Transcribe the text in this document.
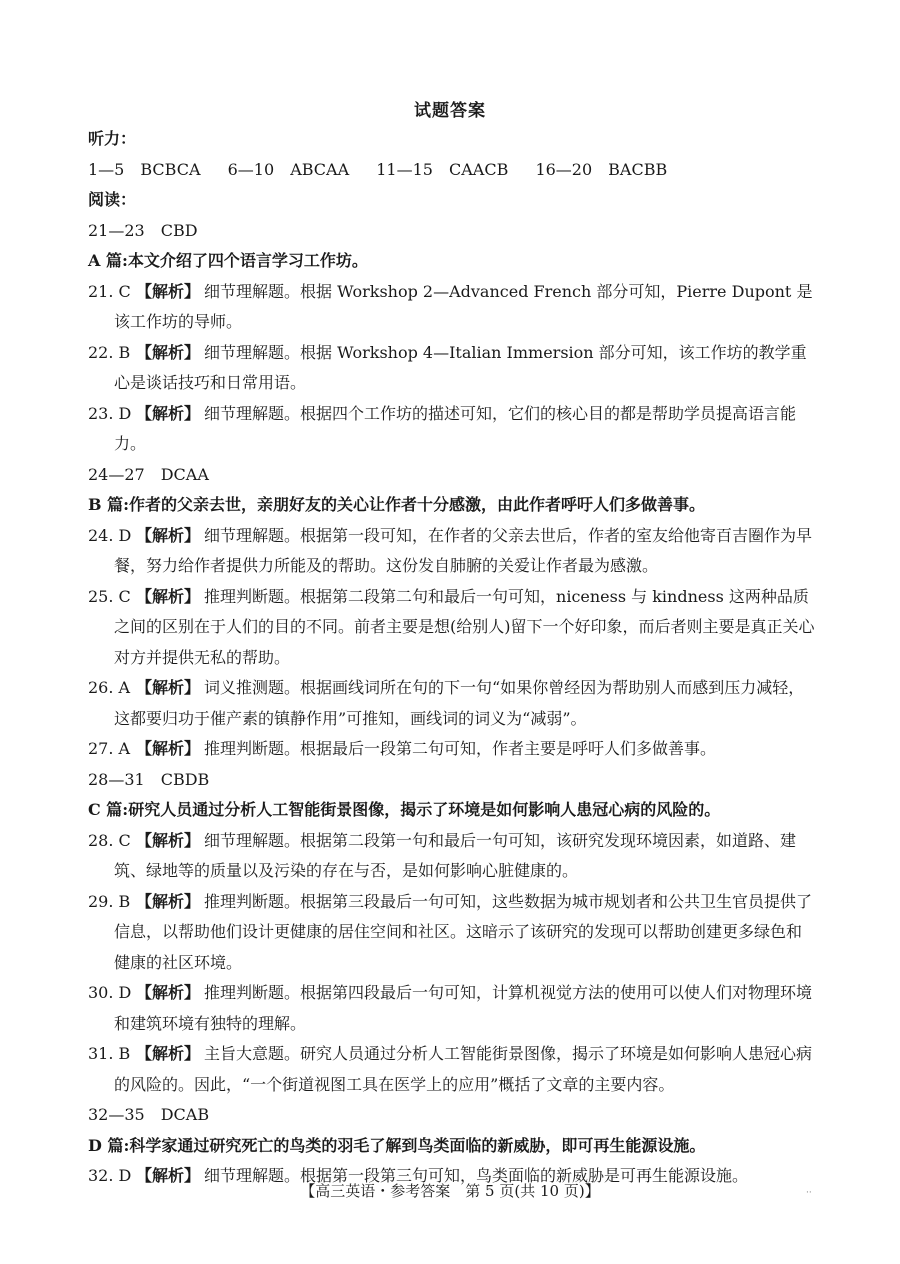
试题答案
听力：
1—5　 BCBCA 6—10　 ABCAA 11—15　 CAACB 16—20　 BACBB
阅读：
21—23　CBD
A 篇:本文介绍了四个语言学习工作坊。
21. C 【解析】 细节理解题。根据 Workshop 2—Advanced French 部分可知，Pierre Dupont 是该工作坊的导师。
22. B 【解析】 细节理解题。根据 Workshop 4—Italian Immersion 部分可知，该工作坊的教学重心是谈话技巧和日常用语。
23. D 【解析】 细节理解题。根据四个工作坊的描述可知，它们的核心目的都是帮助学员提高语言能力。
24—27　DCAA
B 篇:作者的父亲去世，亲朋好友的关心让作者十分感激，由此作者呼吁人们多做善事。
24. D 【解析】 细节理解题。根据第一段可知，在作者的父亲去世后，作者的室友给他寄百吉圈作为早餐，努力给作者提供力所能及的帮助。这份发自肺腑的关爱让作者最为感激。
25. C 【解析】 推理判断题。根据第二段第二句和最后一句可知，niceness 与 kindness 这两种品质之间的区别在于人们的目的不同。前者主要是想(给别人)留下一个好印象，而后者则主要是真正关心对方并提供无私的帮助。
26. A 【解析】 词义推测题。根据画线词所在句的下一句“如果你曾经因为帮助别人而感到压力减轻，这都要归功于催产素的镇静作用”可推知，画线词的词义为“减弱”。
27. A 【解析】 推理判断题。根据最后一段第二句可知，作者主要是呼吁人们多做善事。
28—31　CBDB
C 篇:研究人员通过分析人工智能街景图像，揭示了环境是如何影响人患冠心病的风险的。
28. C 【解析】 细节理解题。根据第二段第一句和最后一句可知，该研究发现环境因素，如道路、建筑、绿地等的质量以及污染的存在与否，是如何影响心脏健康的。
29. B 【解析】 推理判断题。根据第三段最后一句可知，这些数据为城市规划者和公共卫生官员提供了信息，以帮助他们设计更健康的居住空间和社区。这暗示了该研究的发现可以帮助创建更多绿色和健康的社区环境。
30. D 【解析】 推理判断题。根据第四段最后一句可知，计算机视觉方法的使用可以使人们对物理环境和建筑环境有独特的理解。
31. B 【解析】 主旨大意题。研究人员通过分析人工智能街景图像，揭示了环境是如何影响人患冠心病的风险的。因此，“一个街道视图工具在医学上的应用”概括了文章的主要内容。
32—35　DCAB
D 篇:科学家通过研究死亡的鸟类的羽毛了解到鸟类面临的新威胁，即可再生能源设施。
32. D 【解析】 细节理解题。根据第一段第三句可知，鸟类面临的新威胁是可再生能源设施。
【高三英语・参考答案　第 5 页(共 10 页)】	··
